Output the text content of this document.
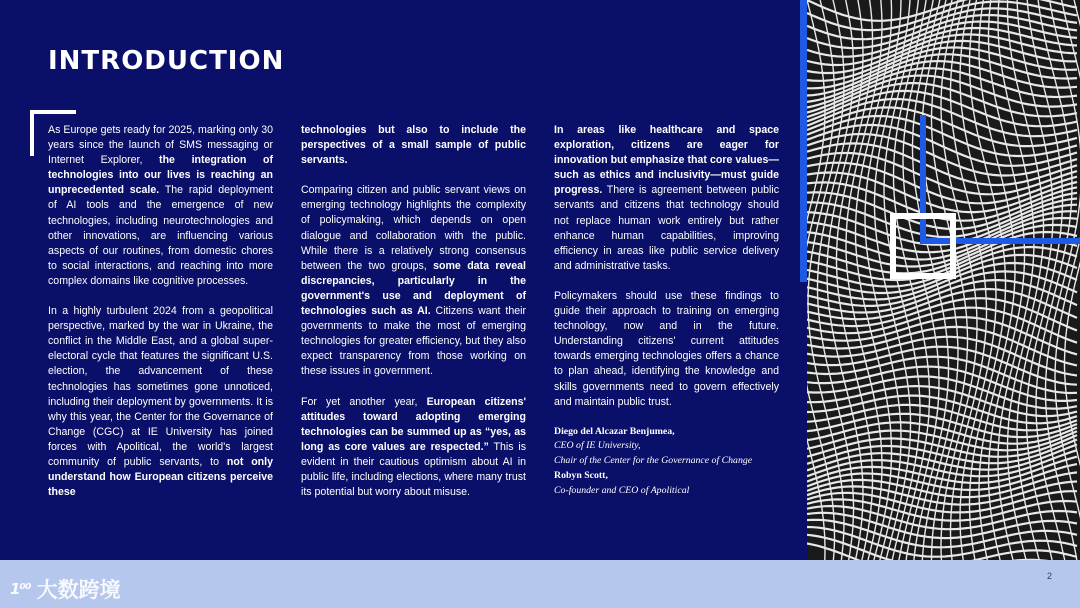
INTRODUCTION

As Europe gets ready for 2025, marking only 30 years since the launch of SMS messaging or Internet Explorer, the integration of technologies into our lives is reaching an unprecedented scale. The rapid deployment of AI tools and the emergence of new technologies, including neurotechnologies and other innovations, are influencing various aspects of our routines, from domestic chores to social interactions, and reaching into more complex domains like cognitive processes.

In a highly turbulent 2024 from a geopolitical perspective, marked by the war in Ukraine, the conflict in the Middle East, and a global super-electoral cycle that features the significant U.S. election, the advancement of these technologies has sometimes gone unnoticed, including their deployment by governments. It is why this year, the Center for the Governance of Change (CGC) at IE University has joined forces with Apolitical, the world's largest community of public servants, to not only understand how European citizens perceive these

technologies but also to include the perspectives of a small sample of public servants.

Comparing citizen and public servant views on emerging technology highlights the complexity of policymaking, which depends on open dialogue and collaboration with the public. While there is a relatively strong consensus between the two groups, some data reveal discrepancies, particularly in the government's use and deployment of technologies such as AI. Citizens want their governments to make the most of emerging technologies for greater efficiency, but they also expect transparency from those working on these issues in government.

For yet another year, European citizens' attitudes toward adopting emerging technologies can be summed up as “yes, as long as core values are respected.” This is evident in their cautious optimism about AI in public life, including elections, where many trust its potential but worry about misuse.

In areas like healthcare and space exploration, citizens are eager for innovation but emphasize that core values—such as ethics and inclusivity—must guide progress. There is agreement between public servants and citizens that technology should not replace human work entirely but rather enhance human capabilities, improving efficiency in areas like public service delivery and administrative tasks.

Policymakers should use these findings to guide their approach to training on emerging technology, now and in the future. Understanding citizens' current attitudes towards emerging technologies offers a chance to plan ahead, identifying the knowledge and skills governments need to govern effectively and maintain public trust.

Diego del Alcazar Benjumea,
CEO of IE University,
Chair of the Center for the Governance of Change
Robyn Scott,
Co-founder and CEO of Apolitical
1⁰⁰ 大数跨境
2
